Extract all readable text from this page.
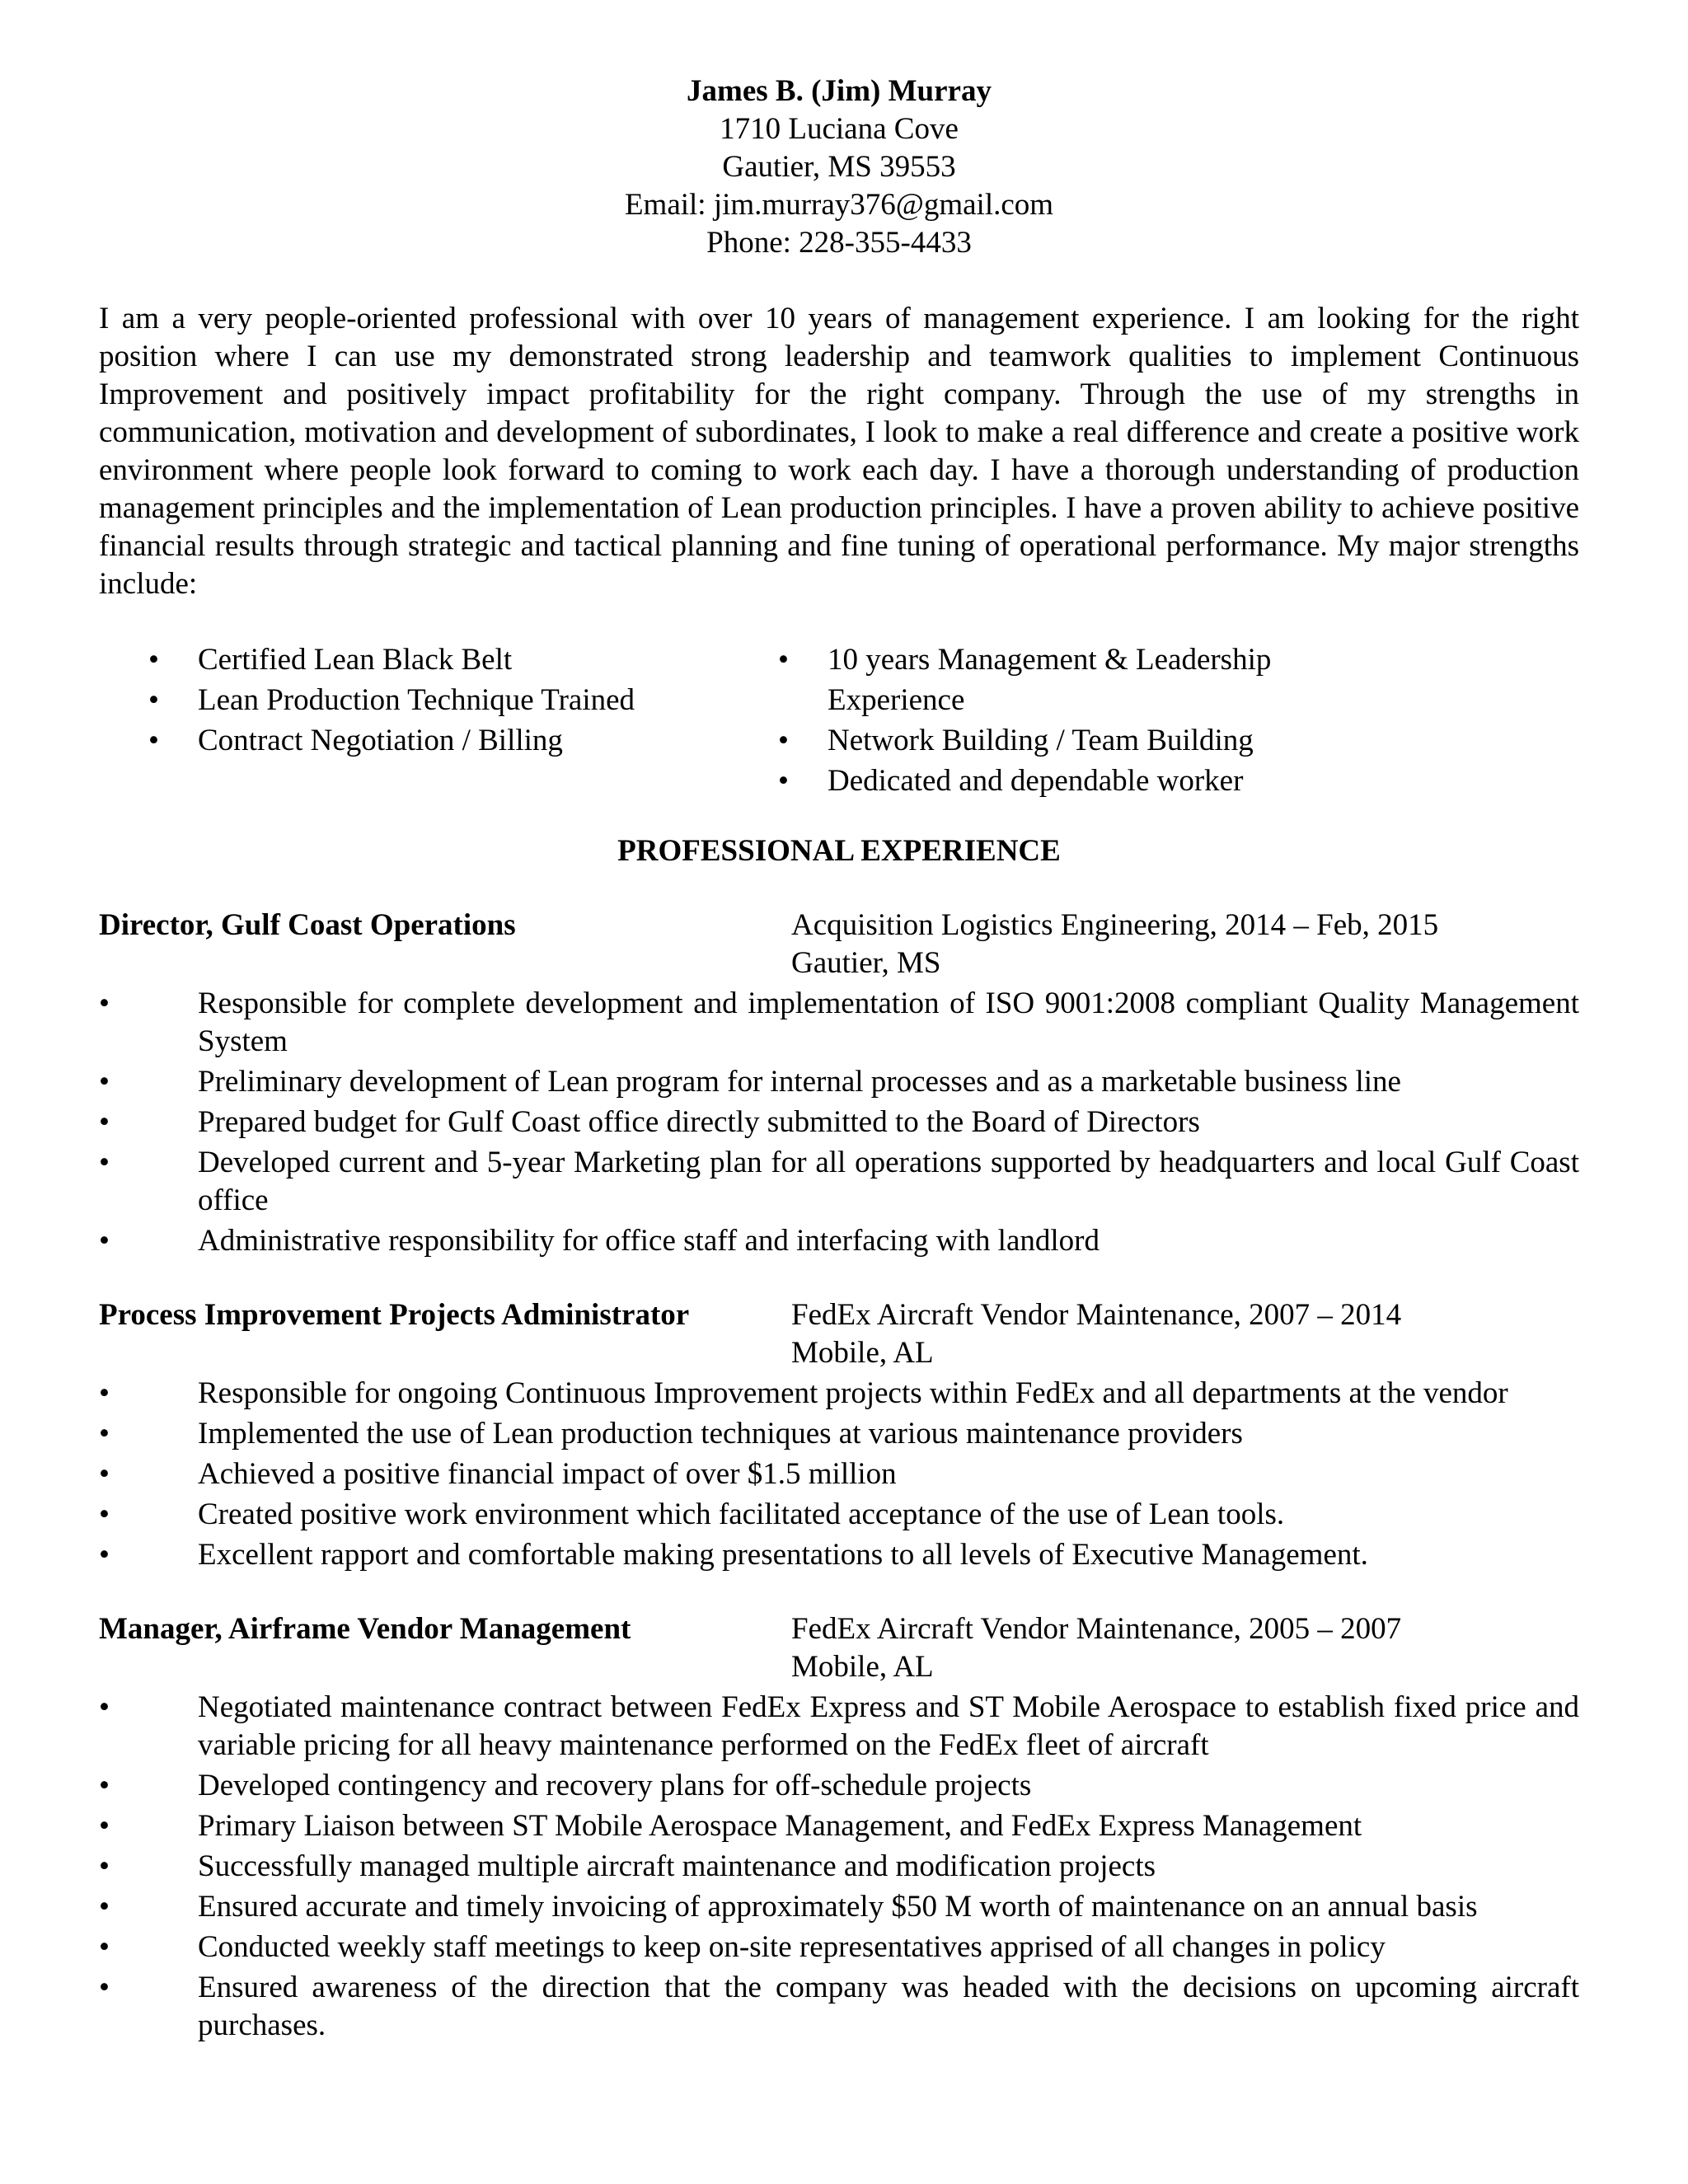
James B. (Jim) Murray
1710 Luciana Cove
Gautier, MS 39553
Email: jim.murray376@gmail.com
Phone: 228-355-4433
I am a very people-oriented professional with over 10 years of management experience. I am looking for the right position where I can use my demonstrated strong leadership and teamwork qualities to implement Continuous Improvement and positively impact profitability for the right company. Through the use of my strengths in communication, motivation and development of subordinates, I look to make a real difference and create a positive work environment where people look forward to coming to work each day. I have a thorough understanding of production management principles and the implementation of Lean production principles. I have a proven ability to achieve positive financial results through strategic and tactical planning and fine tuning of operational performance. My major strengths include:
• Certified Lean Black Belt
• Lean Production Technique Trained
• Contract Negotiation / Billing
• 10 years Management & Leadership Experience
• Network Building / Team Building
• Dedicated and dependable worker
PROFESSIONAL EXPERIENCE
Director, Gulf Coast Operations	Acquisition Logistics Engineering, 2014 – Feb, 2015
Gautier, MS
• Responsible for complete development and implementation of ISO 9001:2008 compliant Quality Management System
• Preliminary development of Lean program for internal processes and as a marketable business line
• Prepared budget for Gulf Coast office directly submitted to the Board of Directors
• Developed current and 5-year Marketing plan for all operations supported by headquarters and local Gulf Coast office
• Administrative responsibility for office staff and interfacing with landlord
Process Improvement Projects Administrator	FedEx Aircraft Vendor Maintenance, 2007 – 2014
Mobile, AL
• Responsible for ongoing Continuous Improvement projects within FedEx and all departments at the vendor
• Implemented the use of Lean production techniques at various maintenance providers
• Achieved a positive financial impact of over $1.5 million
• Created positive work environment which facilitated acceptance of the use of Lean tools.
• Excellent rapport and comfortable making presentations to all levels of Executive Management.
Manager, Airframe Vendor Management	FedEx Aircraft Vendor Maintenance, 2005 – 2007
Mobile, AL
• Negotiated maintenance contract between FedEx Express and ST Mobile Aerospace to establish fixed price and variable pricing for all heavy maintenance performed on the FedEx fleet of aircraft
• Developed contingency and recovery plans for off-schedule projects
• Primary Liaison between ST Mobile Aerospace Management, and FedEx Express Management
• Successfully managed multiple aircraft maintenance and modification projects
• Ensured accurate and timely invoicing of approximately $50 M worth of maintenance on an annual basis
• Conducted weekly staff meetings to keep on-site representatives apprised of all changes in policy
• Ensured awareness of the direction that the company was headed with the decisions on upcoming aircraft purchases.
